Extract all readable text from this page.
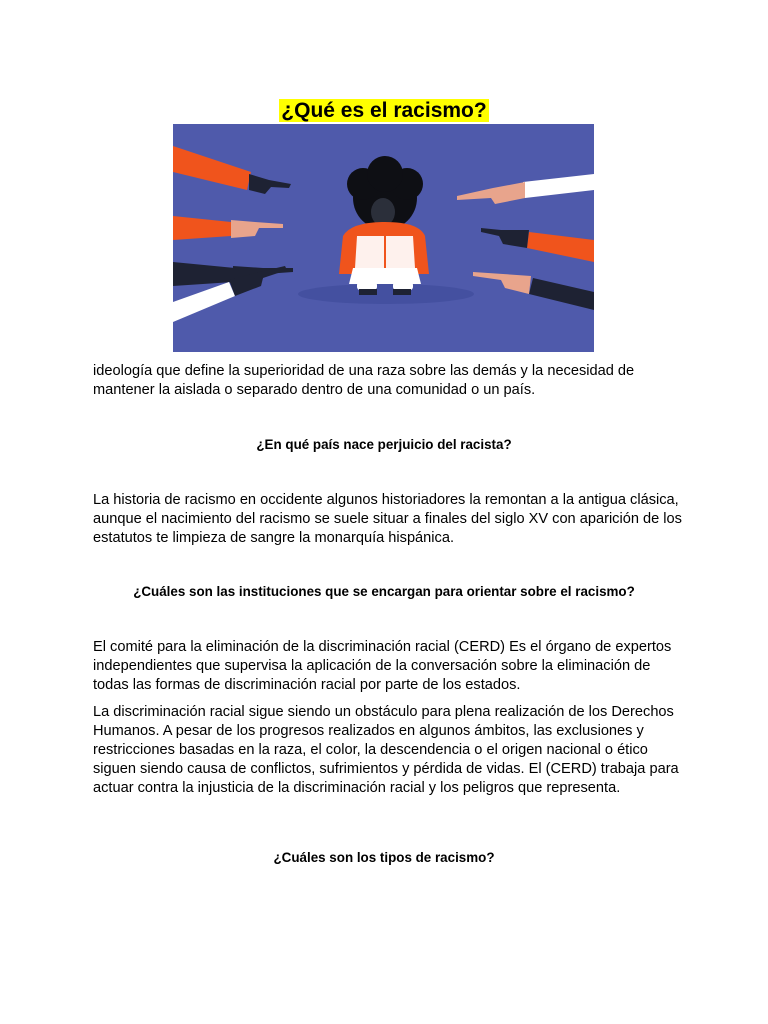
¿Qué es el racismo?

ideología que define la superioridad de una raza sobre las demás y la necesidad de mantener la aislada o separado dentro de una comunidad o un país.

¿En qué país nace perjuicio del racista?

La historia de racismo en occidente algunos historiadores la remontan a la antigua clásica, aunque el nacimiento del racismo se suele situar a finales del siglo XV con aparición de los estatutos te limpieza de sangre la monarquía hispánica.

¿Cuáles son las instituciones que se encargan para orientar sobre el racismo?

El comité para la eliminación de la discriminación racial (CERD) Es el órgano de expertos independientes que supervisa la aplicación de la conversación sobre la eliminación de todas las formas de discriminación racial por parte de los estados.

La discriminación racial sigue siendo un obstáculo para plena realización de los Derechos Humanos. A pesar de los progresos realizados en algunos ámbitos, las exclusiones y restricciones basadas en la raza, el color, la descendencia o el origen nacional o ético siguen siendo causa de conflictos, sufrimientos y pérdida de vidas. El (CERD) trabaja para actuar contra la injusticia de la discriminación racial y los peligros que representa.

¿Cuáles son los tipos de racismo?
